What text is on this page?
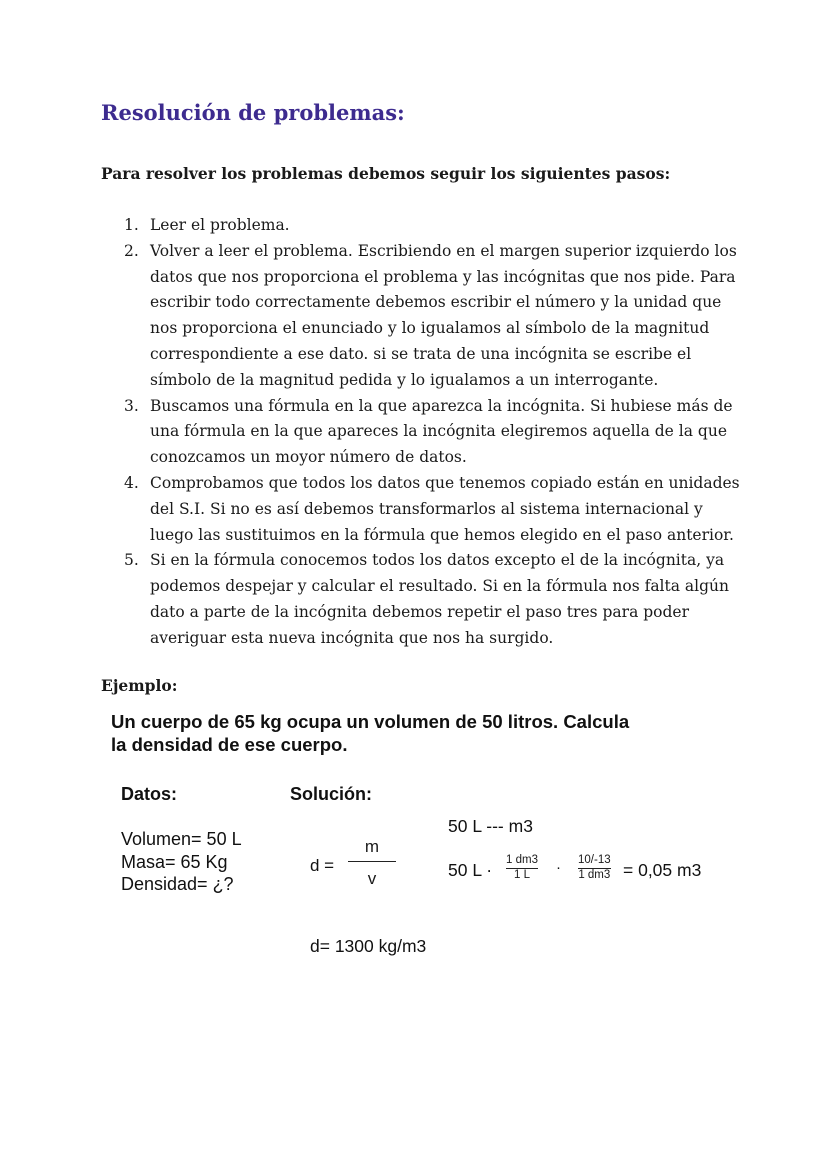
Resolución de problemas:

Para resolver los problemas debemos seguir los siguientes pasos:

1. Leer el problema.
2. Volver a leer el problema. Escribiendo en el margen superior izquierdo los datos que nos proporciona el problema y las incógnitas que nos pide. Para escribir todo correctamente debemos escribir el número y la unidad que nos proporciona el enunciado y lo igualamos al símbolo de la magnitud correspondiente a ese dato. si se trata de una incógnita se escribe el símbolo de la magnitud pedida y lo igualamos a un interrogante.
3. Buscamos una fórmula en la que aparezca la incógnita. Si hubiese más de una fórmula en la que apareces la incógnita elegiremos aquella de la que conozcamos un moyor número de datos.
4. Comprobamos que todos los datos que tenemos copiado están en unidades del S.I. Si no es así debemos transformarlos al sistema internacional y luego las sustituimos en la fórmula que hemos elegido en el paso anterior.
5. Si en la fórmula conocemos todos los datos excepto el de la incógnita, ya podemos despejar y calcular el resultado. Si en la fórmula nos falta algún dato a parte de la incógnita debemos repetir el paso tres para poder averiguar esta nueva incógnita que nos ha surgido.

Ejemplo:

Un cuerpo de 65 kg ocupa un volumen de 50 litros. Calcula
la densidad de ese cuerpo.
Datos:	Solución:
Volumen= 50 L
Masa= 65 Kg
Densidad= ¿?
d =
m
v
50 L --- m3
50 L · 1 dm3
1 L · 10/-13
1 dm3 = 0,05 m3
d= 1300 kg/m3
